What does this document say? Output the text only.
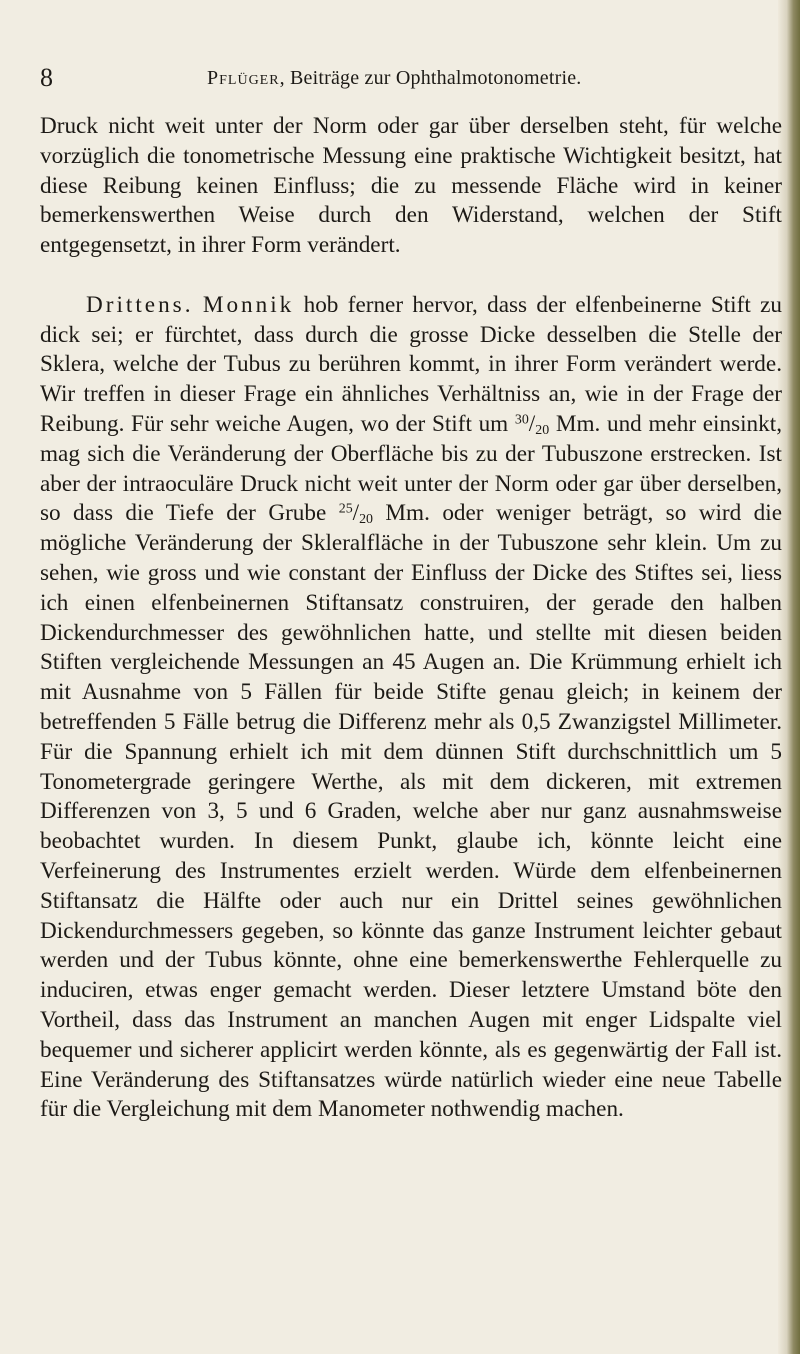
8	Pflüger, Beiträge zur Ophthalmotonometrie.

Druck nicht weit unter der Norm oder gar über derselben steht, für welche vorzüglich die tonometrische Messung eine praktische Wichtigkeit besitzt, hat diese Reibung keinen Einfluss; die zu messende Fläche wird in keiner bemerkenswerthen Weise durch den Widerstand, welchen der Stift entgegensetzt, in ihrer Form verändert.

Drittens. Monnik hob ferner hervor, dass der elfenbeinerne Stift zu dick sei; er fürchtet, dass durch die grosse Dicke desselben die Stelle der Sklera, welche der Tubus zu berühren kommt, in ihrer Form verändert werde. Wir treffen in dieser Frage ein ähnliches Verhältniss an, wie in der Frage der Reibung. Für sehr weiche Augen, wo der Stift um $^{30}/_{20}$ Mm. und mehr einsinkt, mag sich die Veränderung der Oberfläche bis zu der Tubuszone erstrecken. Ist aber der intraoculäre Druck nicht weit unter der Norm oder gar über derselben, so dass die Tiefe der Grube $^{25}/_{20}$ Mm. oder weniger beträgt, so wird die mögliche Veränderung der Skleralfläche in der Tubuszone sehr klein. Um zu sehen, wie gross und wie constant der Einfluss der Dicke des Stiftes sei, liess ich einen elfenbeinernen Stiftansatz construiren, der gerade den halben Dickendurchmesser des gewöhnlichen hatte, und stellte mit diesen beiden Stiften vergleichende Messungen an 45 Augen an. Die Krümmung erhielt ich mit Ausnahme von 5 Fällen für beide Stifte genau gleich; in keinem der betreffenden 5 Fälle betrug die Differenz mehr als 0,5 Zwanzigstel Millimeter. Für die Spannung erhielt ich mit dem dünnen Stift durchschnittlich um 5 Tonometergrade geringere Werthe, als mit dem dickeren, mit extremen Differenzen von 3, 5 und 6 Graden, welche aber nur ganz ausnahmsweise beobachtet wurden. In diesem Punkt, glaube ich, könnte leicht eine Verfeinerung des Instrumentes erzielt werden. Würde dem elfenbeinernen Stiftansatz die Hälfte oder auch nur ein Drittel seines gewöhnlichen Dickendurchmessers gegeben, so könnte das ganze Instrument leichter gebaut werden und der Tubus könnte, ohne eine bemerkenswerthe Fehlerquelle zu induciren, etwas enger gemacht werden. Dieser letztere Umstand böte den Vortheil, dass das Instrument an manchen Augen mit enger Lidspalte viel bequemer und sicherer applicirt werden könnte, als es gegenwärtig der Fall ist. Eine Veränderung des Stiftansatzes würde natürlich wieder eine neue Tabelle für die Vergleichung mit dem Manometer nothwendig machen.
